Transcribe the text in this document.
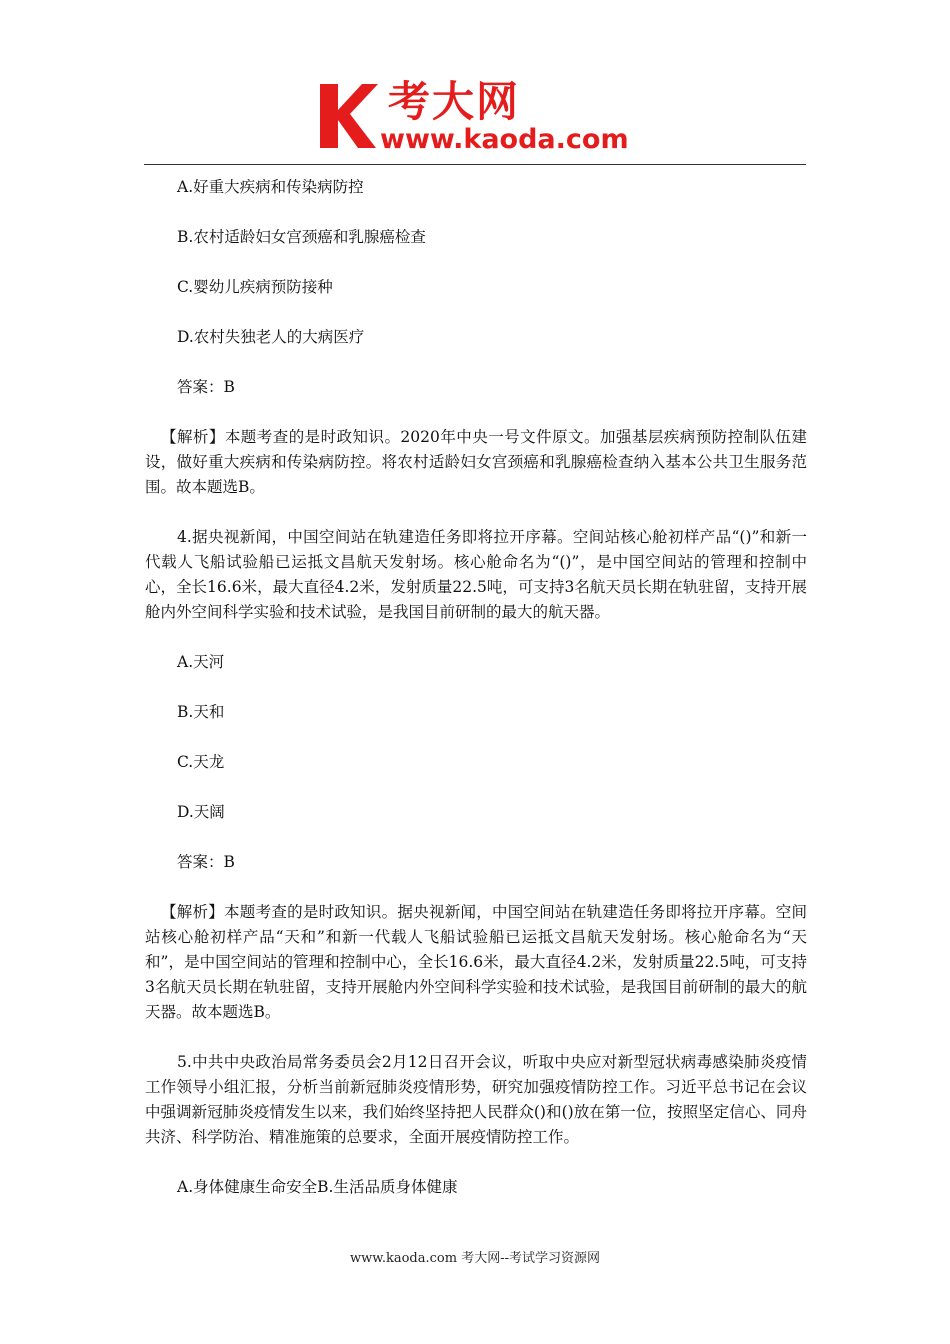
考大网
www.kaoda.com

A.好重大疾病和传染病防控

B.农村适龄妇女宫颈癌和乳腺癌检查

C.婴幼儿疾病预防接种

D.农村失独老人的大病医疗

答案：B

【解析】本题考查的是时政知识。2020年中央一号文件原文。加强基层疾病预防控制队伍建设，做好重大疾病和传染病防控。将农村适龄妇女宫颈癌和乳腺癌检查纳入基本公共卫生服务范围。故本题选B。

4.据央视新闻，中国空间站在轨建造任务即将拉开序幕。空间站核心舱初样产品“()”和新一代载人飞船试验船已运抵文昌航天发射场。核心舱命名为“()”，是中国空间站的管理和控制中心，全长16.6米，最大直径4.2米，发射质量22.5吨，可支持3名航天员长期在轨驻留，支持开展舱内外空间科学实验和技术试验，是我国目前研制的最大的航天器。

A.天河

B.天和

C.天龙

D.天阔

答案：B

【解析】本题考查的是时政知识。据央视新闻，中国空间站在轨建造任务即将拉开序幕。空间站核心舱初样产品“天和”和新一代载人飞船试验船已运抵文昌航天发射场。核心舱命名为“天和”，是中国空间站的管理和控制中心，全长16.6米，最大直径4.2米，发射质量22.5吨，可支持3名航天员长期在轨驻留，支持开展舱内外空间科学实验和技术试验，是我国目前研制的最大的航天器。故本题选B。

5.中共中央政治局常务委员会2月12日召开会议，听取中央应对新型冠状病毒感染肺炎疫情工作领导小组汇报，分析当前新冠肺炎疫情形势，研究加强疫情防控工作。习近平总书记在会议中强调新冠肺炎疫情发生以来，我们始终坚持把人民群众()和()放在第一位，按照坚定信心、同舟共济、科学防治、精准施策的总要求，全面开展疫情防控工作。

A.身体健康生命安全B.生活品质身体健康

www.kaoda.com 考大网--考试学习资源网
